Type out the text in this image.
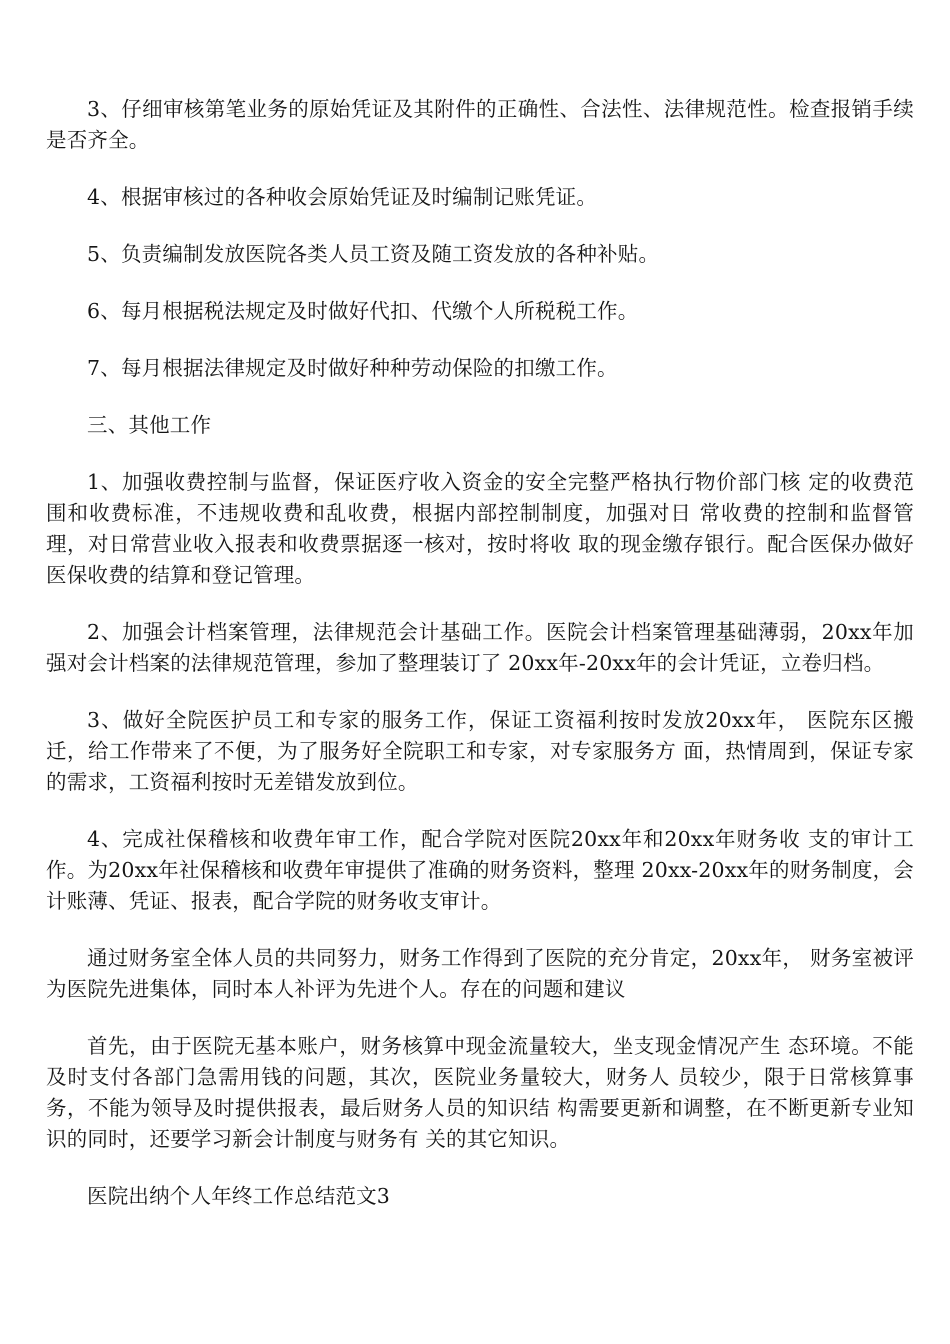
3、仔细审核第笔业务的原始凭证及其附件的正确性、合法性、法律规范性。检查报销手续是否齐全。

4、根据审核过的各种收会原始凭证及时编制记账凭证。

5、负责编制发放医院各类人员工资及随工资发放的各种补贴。

6、每月根据税法规定及时做好代扣、代缴个人所税税工作。

7、每月根据法律规定及时做好种种劳动保险的扣缴工作。

三、其他工作

1、加强收费控制与监督，保证医疗收入资金的安全完整严格执行物价部门核 定的收费范围和收费标准，不违规收费和乱收费，根据内部控制制度，加强对日 常收费的控制和监督管理，对日常营业收入报表和收费票据逐一核对，按时将收 取的现金缴存银行。配合医保办做好医保收费的结算和登记管理。

2、加强会计档案管理，法律规范会计基础工作。医院会计档案管理基础薄弱，20xx年加强对会计档案的法律规范管理，参加了整理装订了 20xx年-20xx年的会计凭证，立卷归档。

3、做好全院医护员工和专家的服务工作，保证工资福利按时发放20xx年， 医院东区搬迁，给工作带来了不便，为了服务好全院职工和专家，对专家服务方 面，热情周到，保证专家的需求，工资福利按时无差错发放到位。

4、完成社保稽核和收费年审工作，配合学院对医院20xx年和20xx年财务收 支的审计工作。为20xx年社保稽核和收费年审提供了准确的财务资料，整理 20xx-20xx年的财务制度，会计账薄、凭证、报表，配合学院的财务收支审计。

通过财务室全体人员的共同努力，财务工作得到了医院的充分肯定，20xx年， 财务室被评为医院先进集体，同时本人补评为先进个人。存在的问题和建议

首先，由于医院无基本账户，财务核算中现金流量较大，坐支现金情况产生 态环境。不能及时支付各部门急需用钱的问题，其次，医院业务量较大，财务人 员较少，限于日常核算事务，不能为领导及时提供报表，最后财务人员的知识结 构需要更新和调整，在不断更新专业知识的同时，还要学习新会计制度与财务有 关的其它知识。

医院出纳个人年终工作总结范文3
